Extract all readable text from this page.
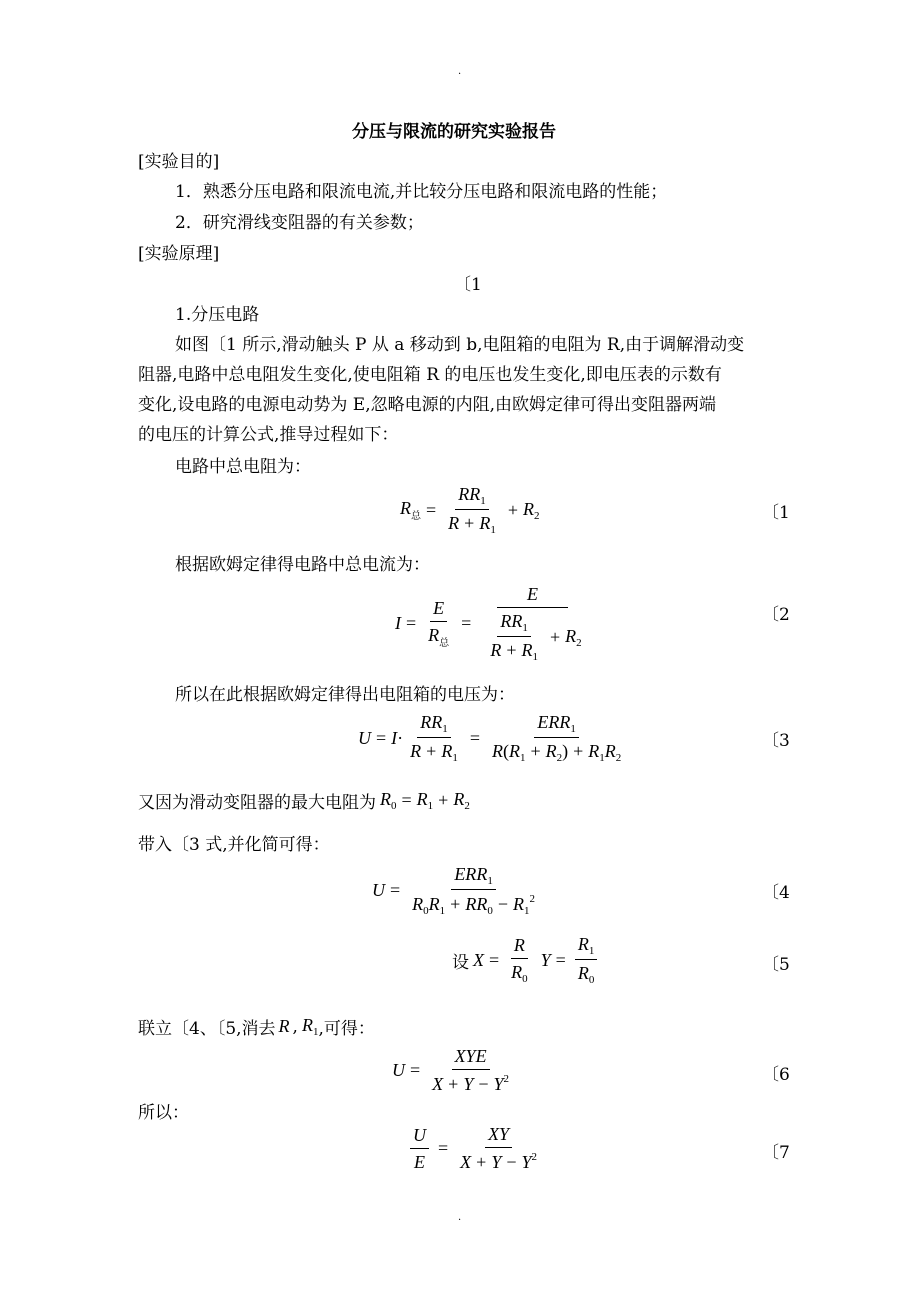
.
.
分压与限流的研究实验报告
[实验目的]
1．熟悉分压电路和限流电流,并比较分压电路和限流电路的性能；
2．研究滑线变阻器的有关参数；
[实验原理]
〔1
1.分压电路
如图〔1 所示,滑动触头 P 从 a 移动到 b,电阻箱的电阻为 R,由于调解滑动变
阻器,电路中总电阻发生变化,使电阻箱 R 的电压也发生变化,即电压表的示数有
变化,设电路的电源电动势为 E,忽略电源的内阻,由欧姆定律可得出变阻器两端
的电压的计算公式,推导过程如下：
电路中总电阻为：
$R_总 = \frac{RR_1}{R + R_1} + R_2$	〔1
根据欧姆定律得电路中总电流为：
$I = \frac{E}{R_总} = \frac{E}{\frac{RR_1}{R + R_1} + R_2}$	〔2
所以在此根据欧姆定律得出电阻箱的电压为：
$U = I \cdot \frac{RR_1}{R + R_1} = \frac{ERR_1}{R(R_1 + R_2) + R_1R_2}$	〔3
又因为滑动变阻器的最大电阻为 $R_0 = R_1 + R_2$
带入〔3 式,并化简可得：
$U = \frac{ERR_1}{R_0R_1 + RR_0 - R_1^2}$	〔4
设 $X = \frac{R}{R_0}$ $Y = \frac{R_1}{R_0}$	〔5
联立〔4、〔5,消去 R , $R_1$ ,可得：
$U = \frac{\text{XYE}}{X + Y - Y^2}$	〔6
所以：
$\frac{U}{E} = \frac{XY}{X + Y - Y^2}$	〔7
